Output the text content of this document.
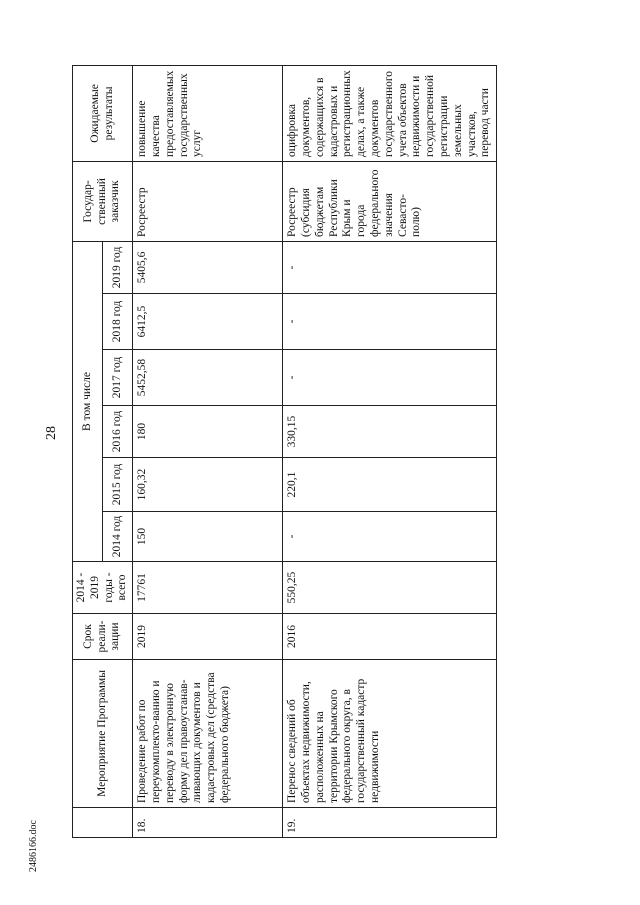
28
2486166.doc
	Мероприятие Программы	Срок реали-зации	2014 - 2019 годы - всего	В том числе						Государ-ственный заказчик	Ожидаемые результаты
				2014 год	2015 год	2016 год	2017 год	2018 год	2019 год		
18.	Проведение работ по переукомплекто-ванию и переводу в электронную форму дел правоустанав-ливающих документов и кадастровых дел (средства федерального бюджета)	2019	17761	150	160,32	180	5452,58	6412,5	5405,6	Росреестр	повышение качества предоставляемых государственных услуг
19.	Перенос сведений об объектах недвижимости, расположенных на территории Крымского федерального округа, в государственный кадастр недвижимости	2016	550,25	-	220,1	330,15	-	-	-	Росреестр (субсидия бюджетам Республики Крым и города федерального значения Севасто-полю)	оцифровка документов, содержащихся в кадастровых и регистрационных делах, а также документов государственного учета объектов недвижимости и государственной регистрации земельных участков, перевод части
